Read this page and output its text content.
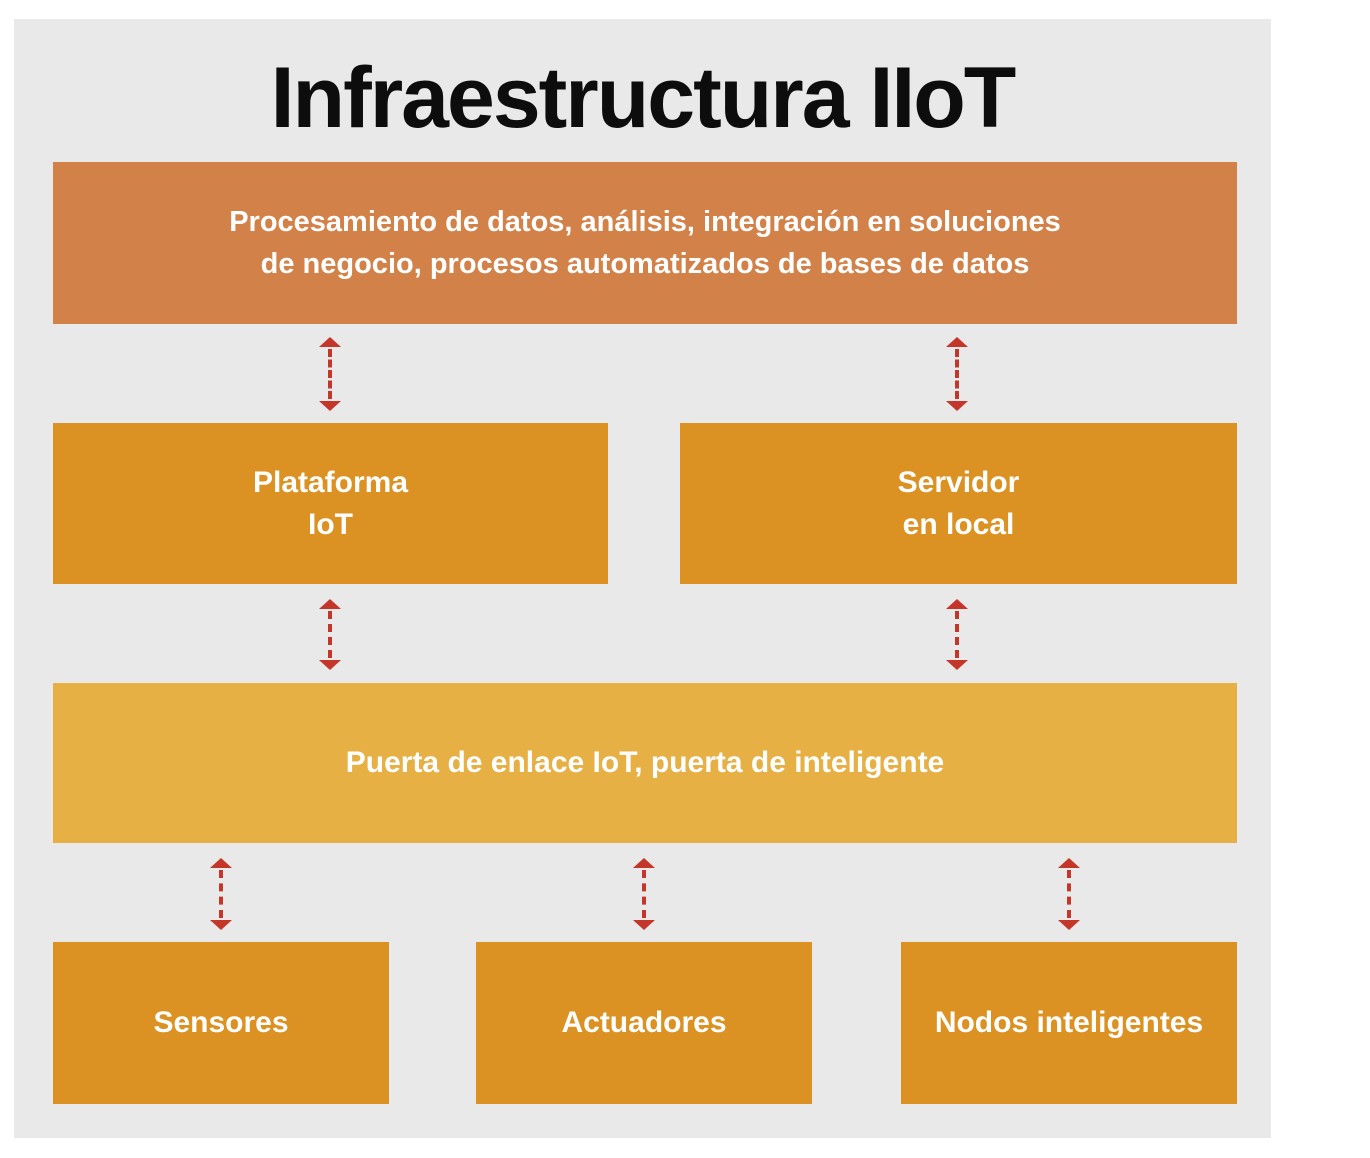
Infraestructura IIoT
Procesamiento de datos, análisis, integración en soluciones
de negocio, procesos automatizados de bases de datos
Plataforma
IoT
Servidor
en local
Puerta de enlace IoT, puerta de inteligente
Sensores	Actuadores	Nodos inteligentes
